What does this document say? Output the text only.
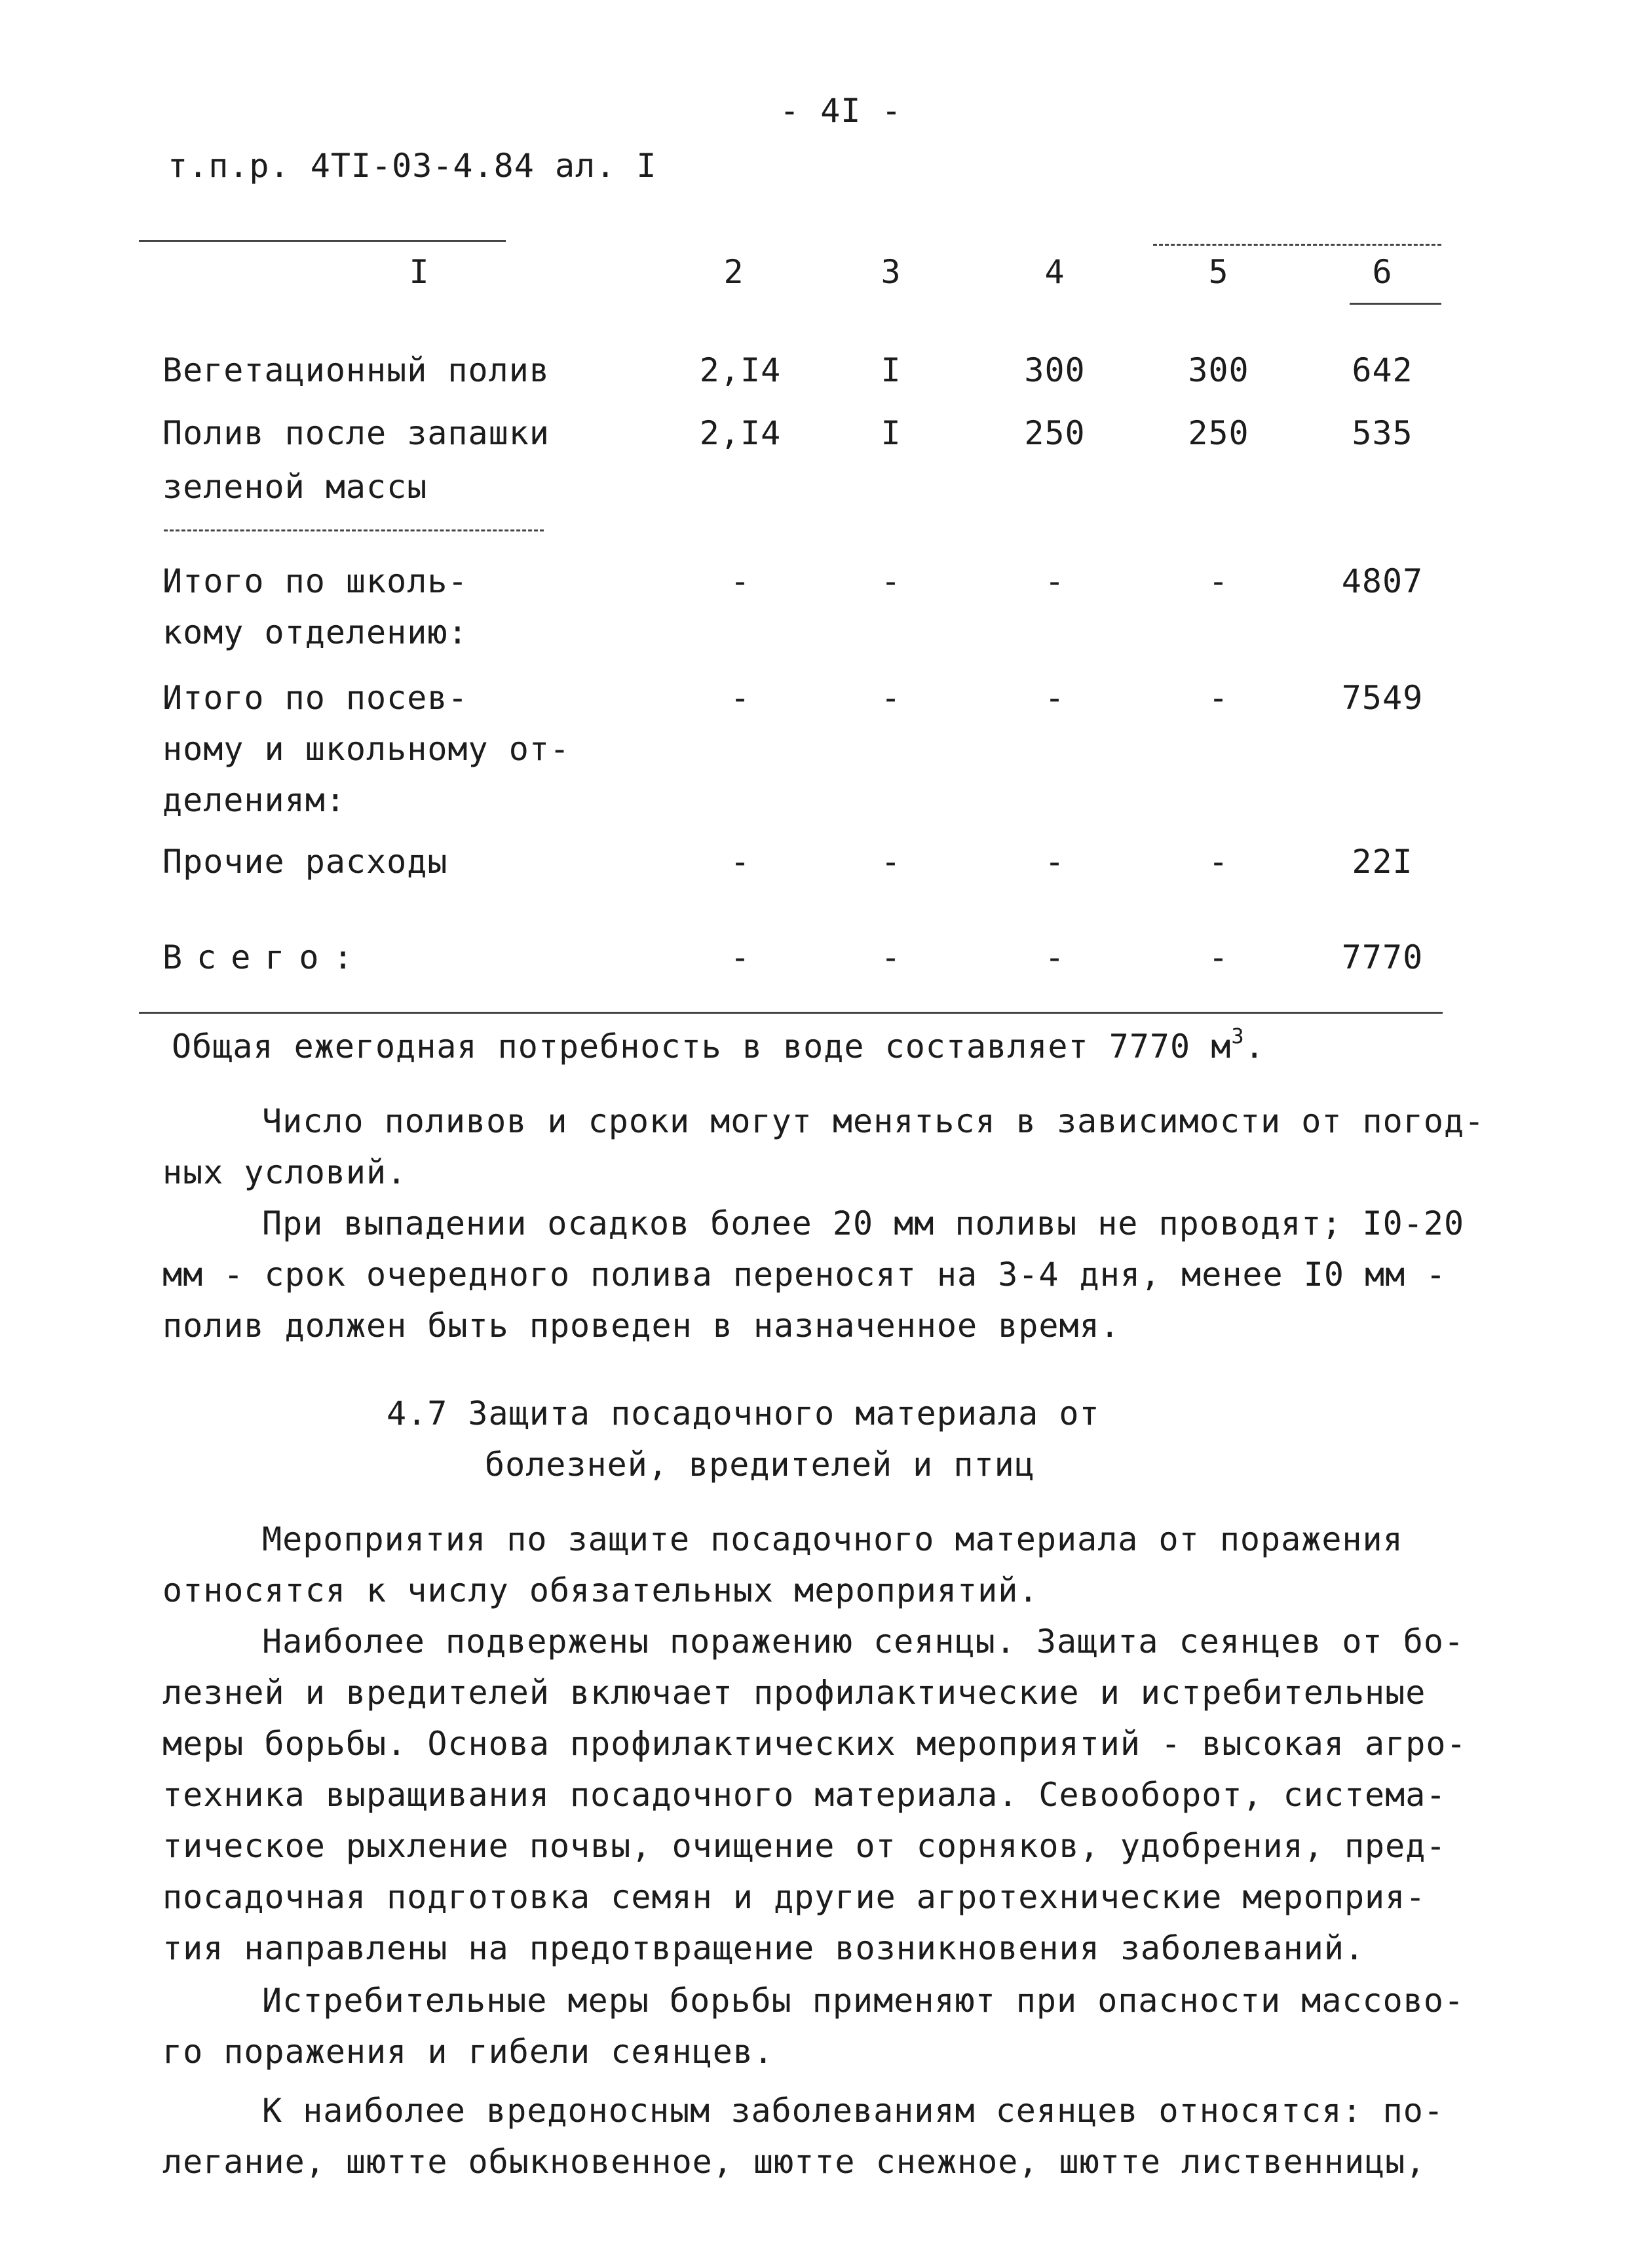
- 4I -
т.п.р. 4ТI-03-4.84 ал. I
I	2	3	4	5	6
Вегетационный полив	2,I4	I	300	300	642
Полив после запашки
зеленой массы
2,I4	I	250	250	535
Итого по школь-
кому отделению:
-	-	-	-	4807
Итого по посев-
ному и школьному от-
делениям:
-	-	-	-	7549
Прочие расходы	-	-	-	-	22I
Всего:	-	-	-	-	7770
Общая ежегодная потребность в воде составляет 7770 $м^3$.
Число поливов и сроки могут меняться в зависимости от погод-
ных условий.
При выпадении осадков более 20 мм поливы не проводят; I0-20
мм - срок очередного полива переносят на 3-4 дня, менее I0 мм -
полив должен быть проведен в назначенное время.
4.7 Защита посадочного материала от
болезней, вредителей и птиц
Мероприятия по защите посадочного материала от поражения
относятся к числу обязательных мероприятий.
Наиболее подвержены поражению сеянцы. Защита сеянцев от бо-
лезней и вредителей включает профилактические и истребительные
меры борьбы. Основа профилактических мероприятий - высокая агро-
техника выращивания посадочного материала. Севооборот, система-
тическое рыхление почвы, очищение от сорняков, удобрения, пред-
посадочная подготовка семян и другие агротехнические мероприя-
тия направлены на предотвращение возникновения заболеваний.
Истребительные меры борьбы применяют при опасности массово-
го поражения и гибели сеянцев.
К наиболее вредоносным заболеваниям сеянцев относятся: по-
легание, шютте обыкновенное, шютте снежное, шютте лиственницы,
